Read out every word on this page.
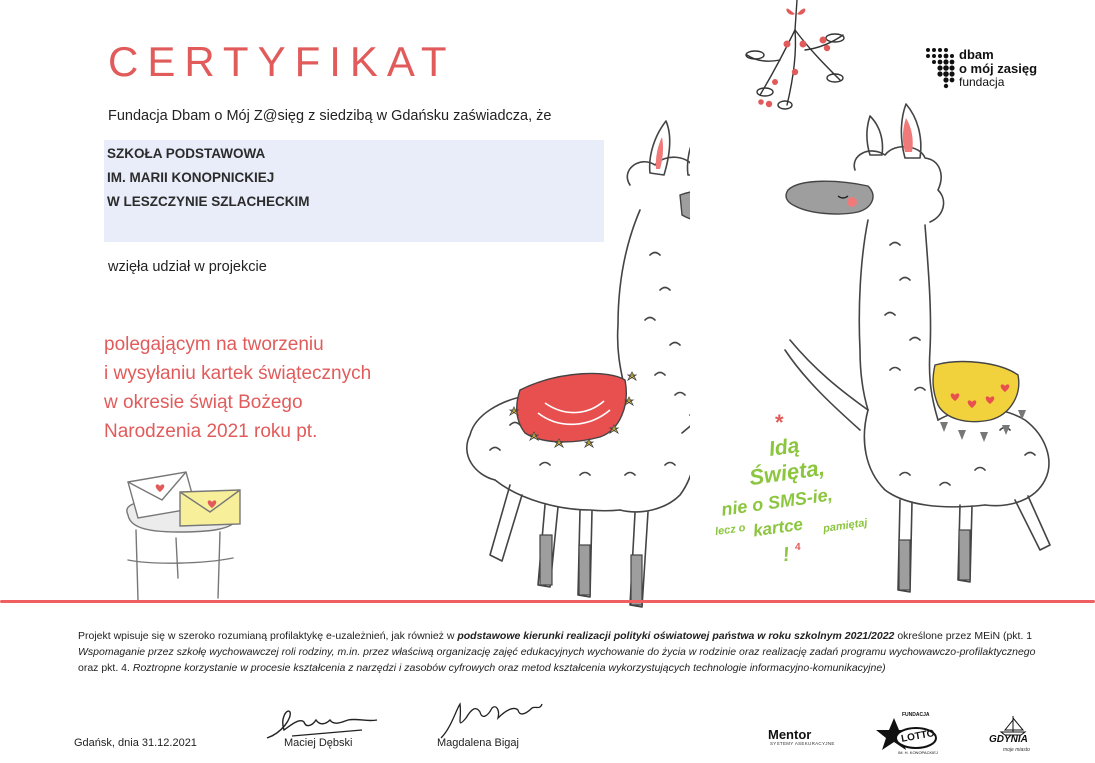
CERTYFIKAT
Fundacja Dbam o Mój Z@sięg z siedzibą w Gdańsku zaświadcza, że
SZKOŁA PODSTAWOWA
IM. MARII KONOPNICKIEJ
W LESZCZYNIE SZLACHECKIM
wzięła udział w projekcie
polegającym na tworzeniu
i wysyłaniu kartek świątecznych
w okresie świąt Bożego
Narodzenia 2021 roku pt.
dbam
o mój zasięg
fundacja
*
Idą
Święta,
nie o SMS-ie,
lecz o kartce pamiętaj
! 4
Projekt wpisuje się w szeroko rozumianą profilaktykę e-uzależnień, jak również w podstawowe kierunki realizacji polityki oświatowej państwa w roku szkolnym 2021/2022 określone przez MEiN (pkt. 1 Wspomaganie przez szkołę wychowawczej roli rodziny, m.in. przez właściwą organizację zajęć edukacyjnych wychowanie do życia w rodzinie oraz realizację zadań programu wychowawczo-profilaktycznego oraz pkt. 4. Roztropne korzystanie w procesie kształcenia z narzędzi i zasobów cyfrowych oraz metod kształcenia wykorzystujących technologie informacyjno-komunikacyjne)
Gdańsk, dnia 31.12.2021	Maciej Dębski	Magdalena Bigaj
Mentor
SYSTEMY ASEKURACYJNE
FUNDACJA
LOTTO
IM. H. KONOPACKIEJ
GDYNIA
moje miasto
